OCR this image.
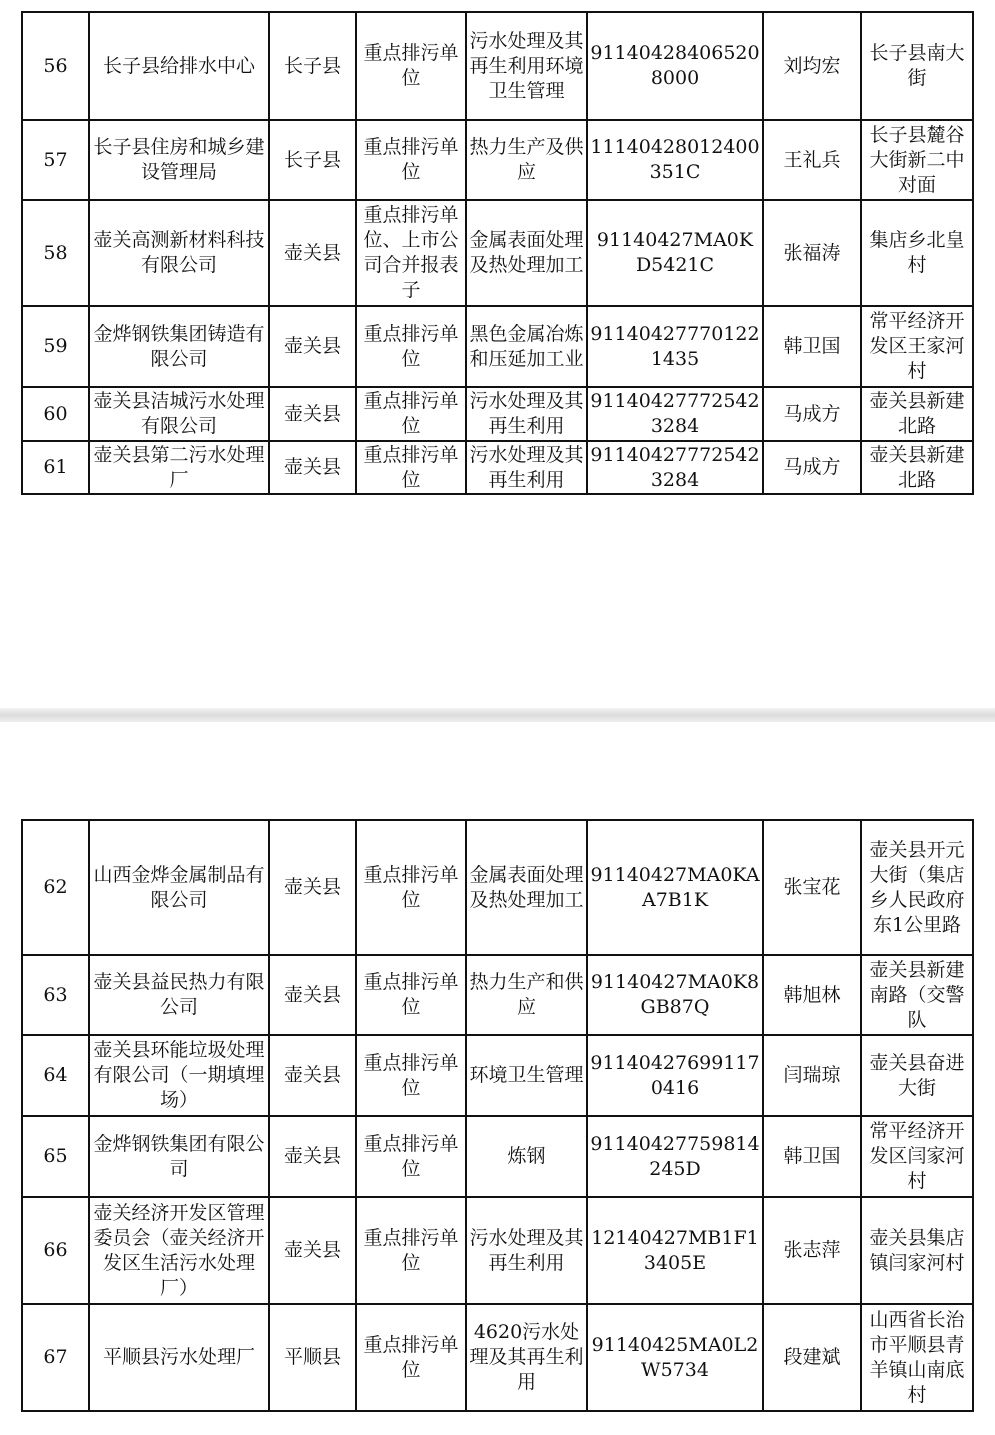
56	长子县给排水中心	长子县	重点排污单位	污水处理及其再生利用环境卫生管理	911404284065208000	刘均宏	长子县南大街
57	长子县住房和城乡建设管理局	长子县	重点排污单位	热力生产及供应	11140428012400351C	王礼兵	长子县麓谷大街新二中对面
58	壶关高测新材料科技有限公司	壶关县	重点排污单位、上市公司合并报表子	金属表面处理及热处理加工	91140427MA0KD5421C	张福涛	集店乡北皇村
59	金烨钢铁集团铸造有限公司	壶关县	重点排污单位	黑色金属冶炼和压延加工业	911404277701221435	韩卫国	常平经济开发区王家河村
60	壶关县洁城污水处理有限公司	壶关县	重点排污单位	污水处理及其再生利用	911404277725423284	马成方	壶关县新建北路
61	壶关县第二污水处理厂	壶关县	重点排污单位	污水处理及其再生利用	911404277725423284	马成方	壶关县新建北路
62	山西金烨金属制品有限公司	壶关县	重点排污单位	金属表面处理及热处理加工	91140427MA0KAA7B1K	张宝花	壶关县开元大街（集店乡人民政府东1公里路
63	壶关县益民热力有限公司	壶关县	重点排污单位	热力生产和供应	91140427MA0K8GB87Q	韩旭林	壶关县新建南路（交警队
64	壶关县环能垃圾处理有限公司（一期填埋场）	壶关县	重点排污单位	环境卫生管理	911404276991170416	闫瑞琼	壶关县奋进大街
65	金烨钢铁集团有限公司	壶关县	重点排污单位	炼钢	91140427759814245D	韩卫国	常平经济开发区闫家河村
66	壶关经济开发区管理委员会（壶关经济开发区生活污水处理厂）	壶关县	重点排污单位	污水处理及其再生利用	12140427MB1F13405E	张志萍	壶关县集店镇闫家河村
67	平顺县污水处理厂	平顺县	重点排污单位	4620污水处理及其再生利用	91140425MA0L2W5734	段建斌	山西省长治市平顺县青羊镇山南底村
